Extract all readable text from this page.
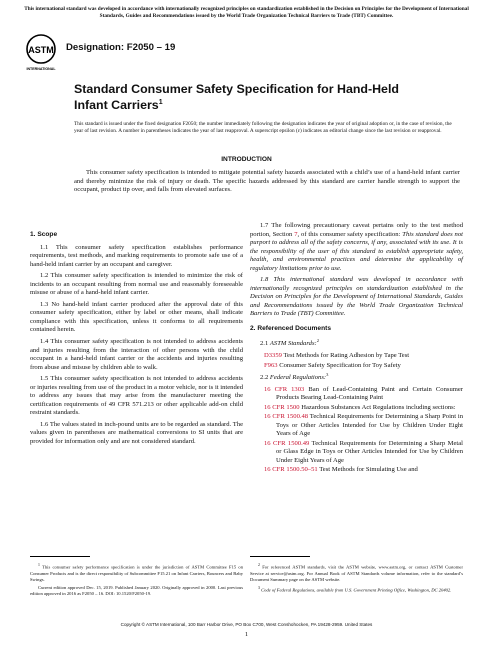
This international standard was developed in accordance with internationally recognized principles on standardization established in the Decision on Principles for the Development of International Standards, Guides and Recommendations issued by the World Trade Organization Technical Barriers to Trade (TBT) Committee.
ASTM
INTERNATIONAL
Designation: F2050 – 19
Standard Consumer Safety Specification for Hand-Held Infant Carriers$^1$
This standard is issued under the fixed designation F2050; the number immediately following the designation indicates the year of original adoption or, in the case of revision, the year of last revision. A number in parentheses indicates the year of last reapproval. A superscript epsilon (ε) indicates an editorial change since the last revision or reapproval.
INTRODUCTION
This consumer safety specification is intended to mitigate potential safety hazards associated with a child’s use of a hand-held infant carrier and thereby minimize the risk of injury or death. The specific hazards addressed by this standard are carrier handle strength to support the occupant, product tip over, and falls from elevated surfaces.
1. Scope

1.1 This consumer safety specification establishes performance requirements, test methods, and marking requirements to promote safe use of a hand-held infant carrier by an occupant and caregiver.

1.2 This consumer safety specification is intended to minimize the risk of incidents to an occupant resulting from normal use and reasonably foreseeable misuse or abuse of a hand-held infant carrier.

1.3 No hand-held infant carrier produced after the approval date of this consumer safety specification, either by label or other means, shall indicate compliance with this specification, unless it conforms to all requirements contained herein.

1.4 This consumer safety specification is not intended to address accidents and injuries resulting from the interaction of other persons with the child occupant in a hand-held infant carrier or the accidents and injuries resulting from abuse and misuse by children able to walk.

1.5 This consumer safety specification is not intended to address accidents or injuries resulting from use of the product in a motor vehicle, nor is it intended to address any issues that may arise from the manufacturer meeting the certification requirements of 49 CFR 571.213 or other applicable add-on child restraint standards.

1.6 The values stated in inch-pound units are to be regarded as standard. The values given in parentheses are mathematical conversions to SI units that are provided for information only and are not considered standard.

1.7 The following precautionary caveat pertains only to the test method portion, Section 7, of this consumer safety specification: This standard does not purport to address all of the safety concerns, if any, associated with its use. It is the responsibility of the user of this standard to establish appropriate safety, health, and environmental practices and determine the applicability of regulatory limitations prior to use.

1.8 This international standard was developed in accordance with internationally recognized principles on standardization established in the Decision on Principles for the Development of International Standards, Guides and Recommendations issued by the World Trade Organization Technical Barriers to Trade (TBT) Committee.

2. Referenced Documents

2.1 ASTM Standards:$^2$

D3359 Test Methods for Rating Adhesion by Tape Test

F963 Consumer Safety Specification for Toy Safety

2.2 Federal Regulations:$^3$

16 CFR 1303 Ban of Lead-Containing Paint and Certain Consumer Products Bearing Lead-Containing Paint

16 CFR 1500 Hazardous Substances Act Regulations including sections:

16 CFR 1500.48 Technical Requirements for Determining a Sharp Point in Toys or Other Articles Intended for Use by Children Under Eight Years of Age

16 CFR 1500.49 Technical Requirements for Determining a Sharp Metal or Glass Edge in Toys or Other Articles Intended for Use by Children Under Eight Years of Age

16 CFR 1500.50–51 Test Methods for Simulating Use and

$^1$ This consumer safety performance specification is under the jurisdiction of ASTM Committee F15 on Consumer Products and is the direct responsibility of Subcommittee F15.21 on Infant Carriers, Bouncers and Baby Swings.

Current edition approved Dec. 15, 2019. Published January 2020. Originally approved in 2000. Last previous edition approved in 2016 as F2050 – 16. DOI: 10.1520/F2050-19.

$^2$ For referenced ASTM standards, visit the ASTM website, www.astm.org, or contact ASTM Customer Service at service@astm.org. For Annual Book of ASTM Standards volume information, refer to the standard’s Document Summary page on the ASTM website.

$^3$ Code of Federal Regulations, available from U.S. Government Printing Office, Washington, DC 20402.

Copyright © ASTM International, 100 Barr Harbor Drive, PO Box C700, West Conshohocken, PA 19428-2959. United States
1
